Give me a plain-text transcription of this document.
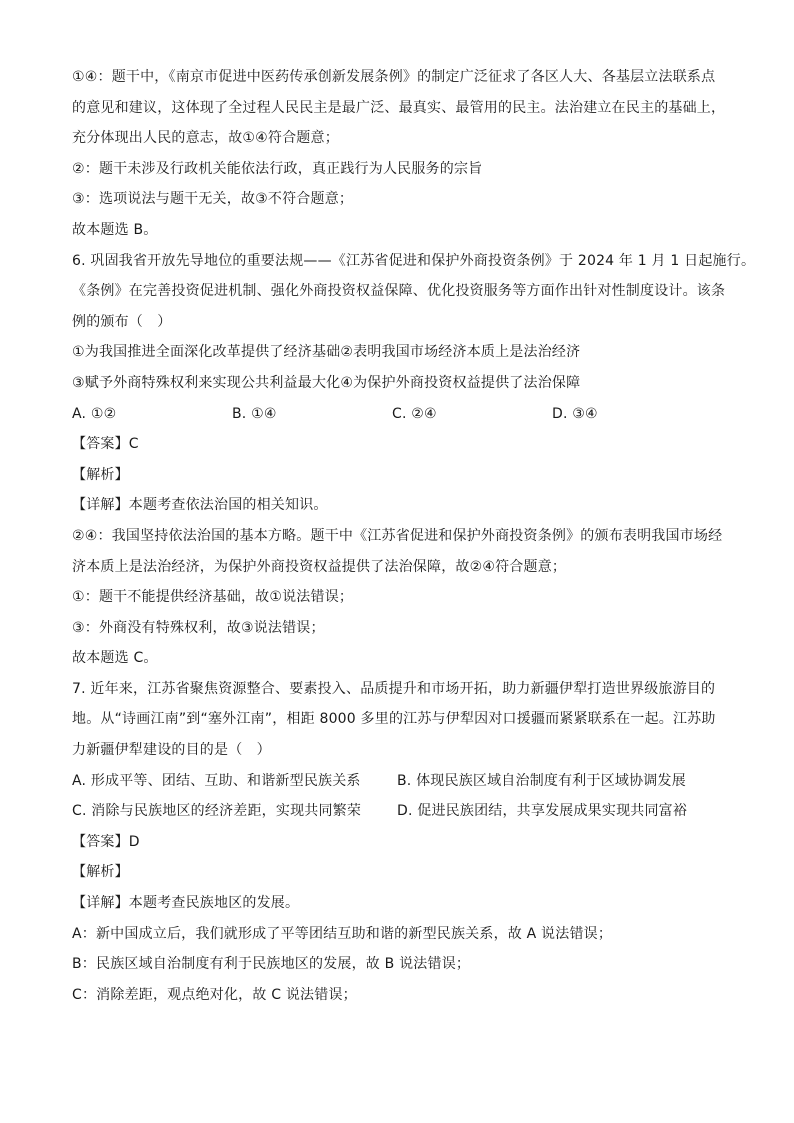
①④：题干中，《南京市促进中医药传承创新发展条例》的制定广泛征求了各区人大、各基层立法联系点
的意见和建议，这体现了全过程人民民主是最广泛、最真实、最管用的民主。法治建立在民主的基础上，
充分体现出人民的意志，故①④符合题意；
②：题干未涉及行政机关能依法行政，真正践行为人民服务的宗旨
③：选项说法与题干无关，故③不符合题意；
故本题选 B。
6. 巩固我省开放先导地位的重要法规——《江苏省促进和保护外商投资条例》于 2024 年 1 月 1 日起施行。
《条例》在完善投资促进机制、强化外商投资权益保障、优化投资服务等方面作出针对性制度设计。该条
例的颁布（　）
①为我国推进全面深化改革提供了经济基础②表明我国市场经济本质上是法治经济
③赋予外商特殊权利来实现公共利益最大化④为保护外商投资权益提供了法治保障
A. ①②	B. ①④	C. ②④	D. ③④
【答案】C
【解析】
【详解】本题考查依法治国的相关知识。
②④：我国坚持依法治国的基本方略。题干中《江苏省促进和保护外商投资条例》的颁布表明我国市场经
济本质上是法治经济，为保护外商投资权益提供了法治保障，故②④符合题意；
①：题干不能提供经济基础，故①说法错误；
③：外商没有特殊权利，故③说法错误；
故本题选 C。
7. 近年来，江苏省聚焦资源整合、要素投入、品质提升和市场开拓，助力新疆伊犁打造世界级旅游目的
地。从“诗画江南”到“塞外江南”，相距 8000 多里的江苏与伊犁因对口援疆而紧紧联系在一起。江苏助
力新疆伊犁建设的目的是（　）
A. 形成平等、团结、互助、和谐新型民族关系	B. 体现民族区域自治制度有利于区域协调发展
C. 消除与民族地区的经济差距，实现共同繁荣	D. 促进民族团结，共享发展成果实现共同富裕
【答案】D
【解析】
【详解】本题考查民族地区的发展。
A：新中国成立后，我们就形成了平等团结互助和谐的新型民族关系，故 A 说法错误；
B：民族区域自治制度有利于民族地区的发展，故 B 说法错误；
C：消除差距，观点绝对化，故 C 说法错误；
